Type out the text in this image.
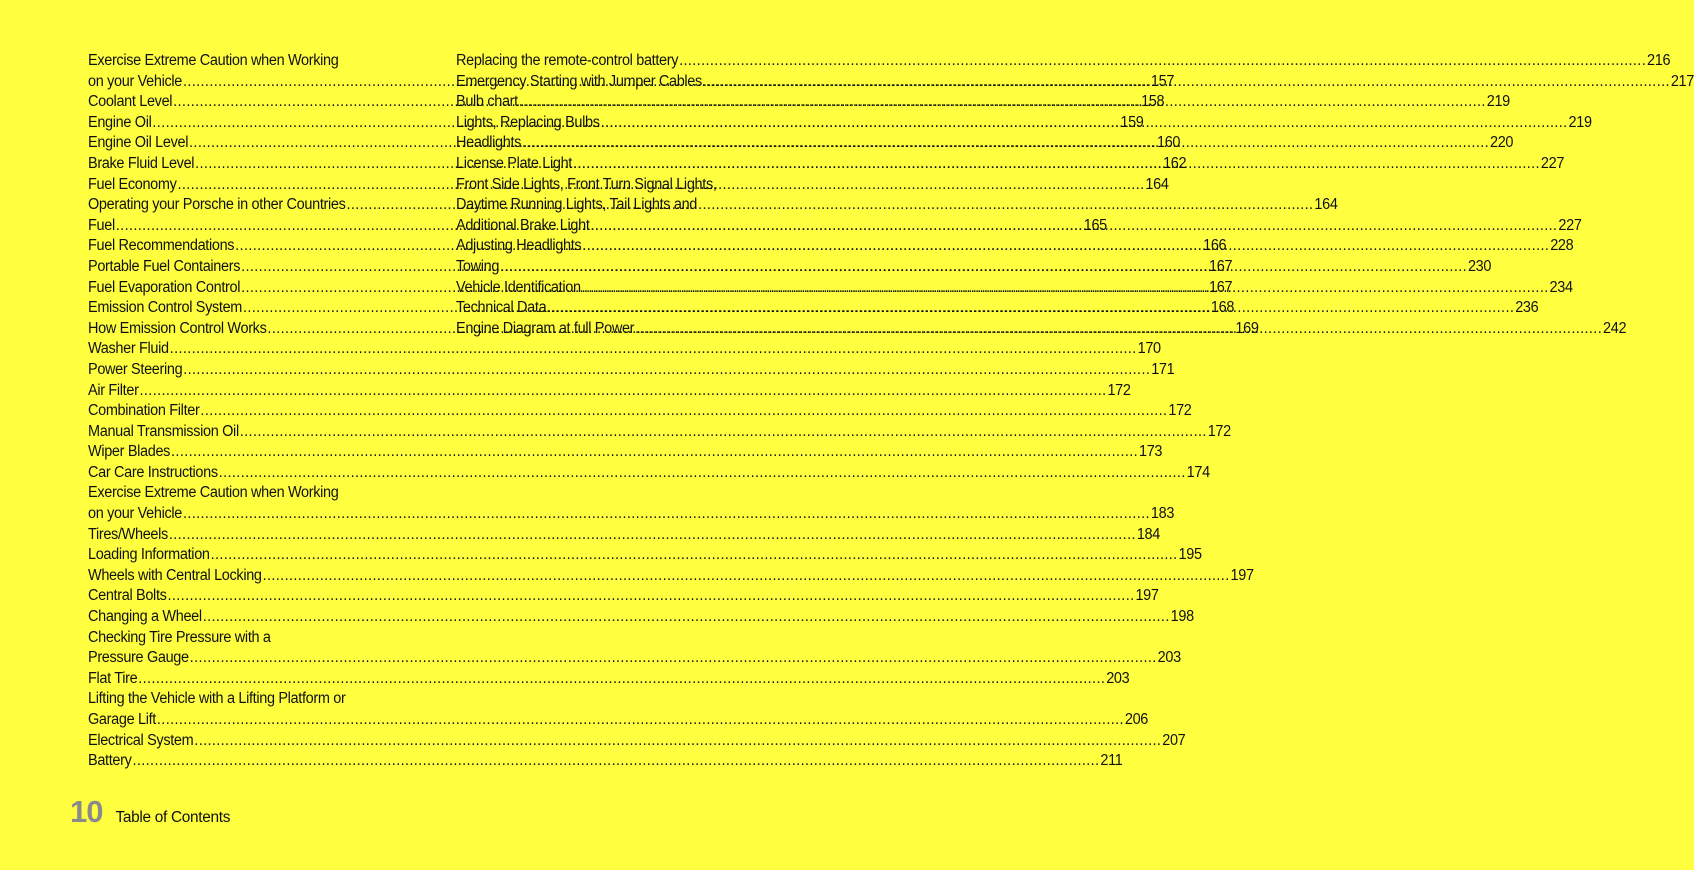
Exercise Extreme Caution when Working
on your Vehicle .....	157
Coolant Level .....	158
Engine Oil .....	159
Engine Oil Level .....	160
Brake Fluid Level .....	162
Fuel Economy .....	164
Operating your Porsche in other Countries .....	164
Fuel .....	165
Fuel Recommendations .....	166
Portable Fuel Containers .....	167
Fuel Evaporation Control .....	167
Emission Control System .....	168
How Emission Control Works .....	169
Washer Fluid .....	170
Power Steering .....	171
Air Filter .....	172
Combination Filter .....	172
Manual Transmission Oil .....	172
Wiper Blades .....	173
Car Care Instructions .....	174
Exercise Extreme Caution when Working
on your Vehicle .....	183
Tires/Wheels .....	184
Loading Information .....	195
Wheels with Central Locking .....	197
Central Bolts .....	197
Changing a Wheel .....	198
Checking Tire Pressure with a
Pressure Gauge .....	203
Flat Tire .....	203
Lifting the Vehicle with a Lifting Platform or
Garage Lift .....	206
Electrical System .....	207
Battery .....	211
Replacing the remote-control battery .....	216
Emergency Starting with Jumper Cables .....	217
Bulb chart .....	219
Lights, Replacing Bulbs .....	219
Headlights .....	220
License Plate Light .....	227
Front Side Lights, Front Turn Signal Lights,
Daytime Running Lights, Tail Lights and
Additional Brake Light .....	227
Adjusting Headlights .....	228
Towing .....	230
Vehicle Identification .....	234
Technical Data .....	236
Engine Diagram at full Power .....	242
10 Table of Contents
